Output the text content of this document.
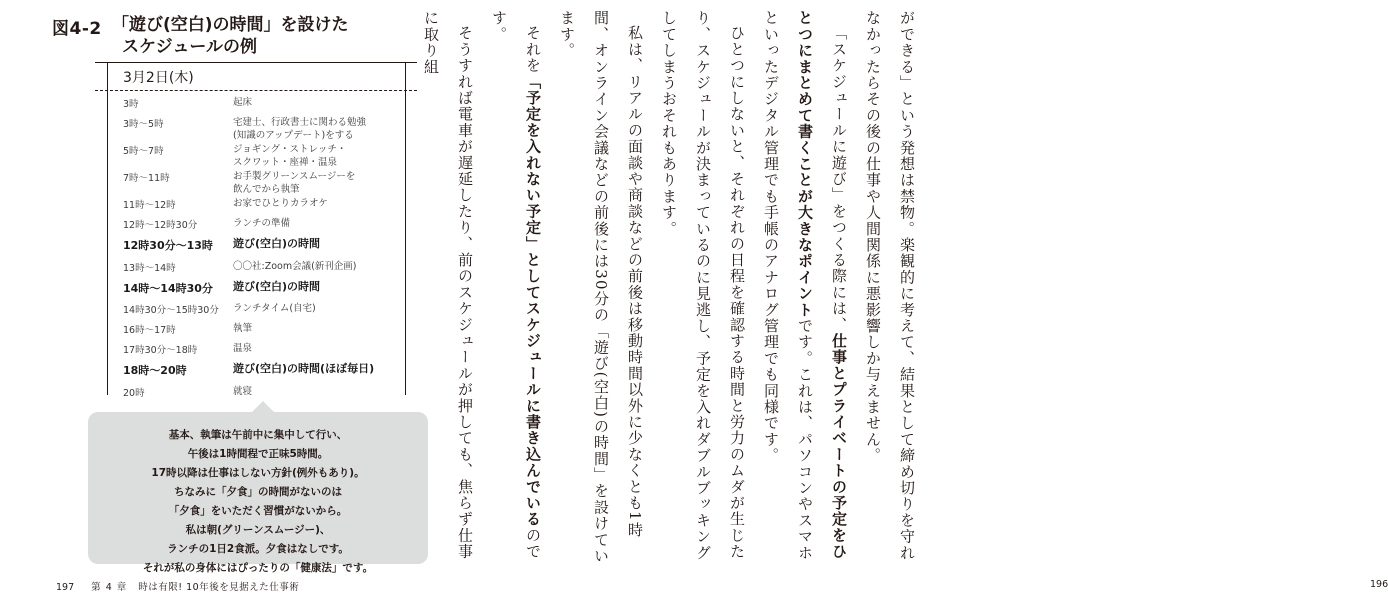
図4-2 「遊び(空白)の時間」を設けた
スケジュールの例
3月2日(木)
3時	起床
3時〜5時	宅建士、行政書士に関わる勉強
(知識のアップデート)をする
5時〜7時	ジョギング・ストレッチ・
スクワット・座禅・温泉
7時〜11時	お手製グリーンスムージーを
飲んでから執筆
11時〜12時	お家でひとりカラオケ
12時〜12時30分	ランチの準備
12時30分〜13時 遊び(空白)の時間
13時〜14時	〇〇社:Zoom会議(新刊企画)
14時〜14時30分 遊び(空白)の時間
14時30分〜15時30分 ランチタイム(自宅)
16時〜17時	執筆
17時30分〜18時	温泉
18時〜20時	遊び(空白)の時間(ほぼ毎日)
20時	就寝
基本、執筆は午前中に集中して行い、
午後は1時間程で正味5時間。
17時以降は仕事はしない方針(例外もあり)。
ちなみに「夕食」の時間がないのは
「夕食」をいただく習慣がないから。
私は朝(グリーンスムージー)、
ランチの1日2食派。夕食はなしです。
それが私の身体にはぴったりの「健康法」です。
197 第 4 章 時は有限! 10年後を見据えた仕事術

ができる」という発想は禁物。楽観的に考えて、結果として締め切りを守れなかったらその後の仕事や人間関係に悪影響しか与えません。

「スケジュールに遊び」をつくる際には、仕事とプライベートの予定をひとつにまとめて書くことが大きなポイントです。これは、パソコンやスマホといったデジタル管理でも手帳のアナログ管理でも同様です。

ひとつにしないと、それぞれの日程を確認する時間と労力のムダが生じたり、スケジュールが決まっているのに見逃し、予定を入れダブルブッキングしてしまうおそれもあります。

私は、リアルの面談や商談などの前後は移動時間以外に少なくとも1時間、オンライン会議などの前後には30分の「遊び(空白)の時間」を設けています。

それを「予定を入れない予定」としてスケジュールに書き込んでいるのです。

そうすれば電車が遅延したり、前のスケジュールが押しても、焦らず仕事に取り組

196
